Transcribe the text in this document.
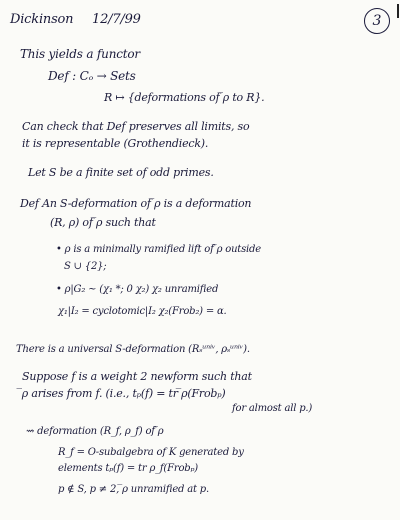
Dickinson 12/7/99	3
This yields a functor
Def : Cₒ → Sets
R ↦ {deformations of ̅ρ to R}.
Can check that Def preserves all limits, so
it is representable (Grothendieck).
Let S be a finite set of odd primes.
Def An S-deformation of ̅ρ is a deformation
(R, ρ) of ̅ρ such that
• ρ is a minimally ramified lift of ̅ρ outside
S ∪ {2};
• ρ|G₂ ~ (χ₁ *; 0 χ₂) χ₂ unramified
χ₁|I₂ = cyclotomic|I₂ χ₂(Frob₂) = α.
There is a universal S-deformation (Rₛᵘⁿⁱᵛ, ρₛᵘⁿⁱᵛ).
Suppose f is a weight 2 newform such that
̅ρ arises from f. (i.e., tₚ(f) = tr ̅ρ(Frobₚ)
for almost all p.)
⇝ deformation (R_f, ρ_f) of ̅ρ
R_f = Ο-subalgebra of K generated by
elements tₚ(f) = tr ρ_f(Frobₚ)
p ∉ S, p ≠ 2, ̅ρ unramified at p.
